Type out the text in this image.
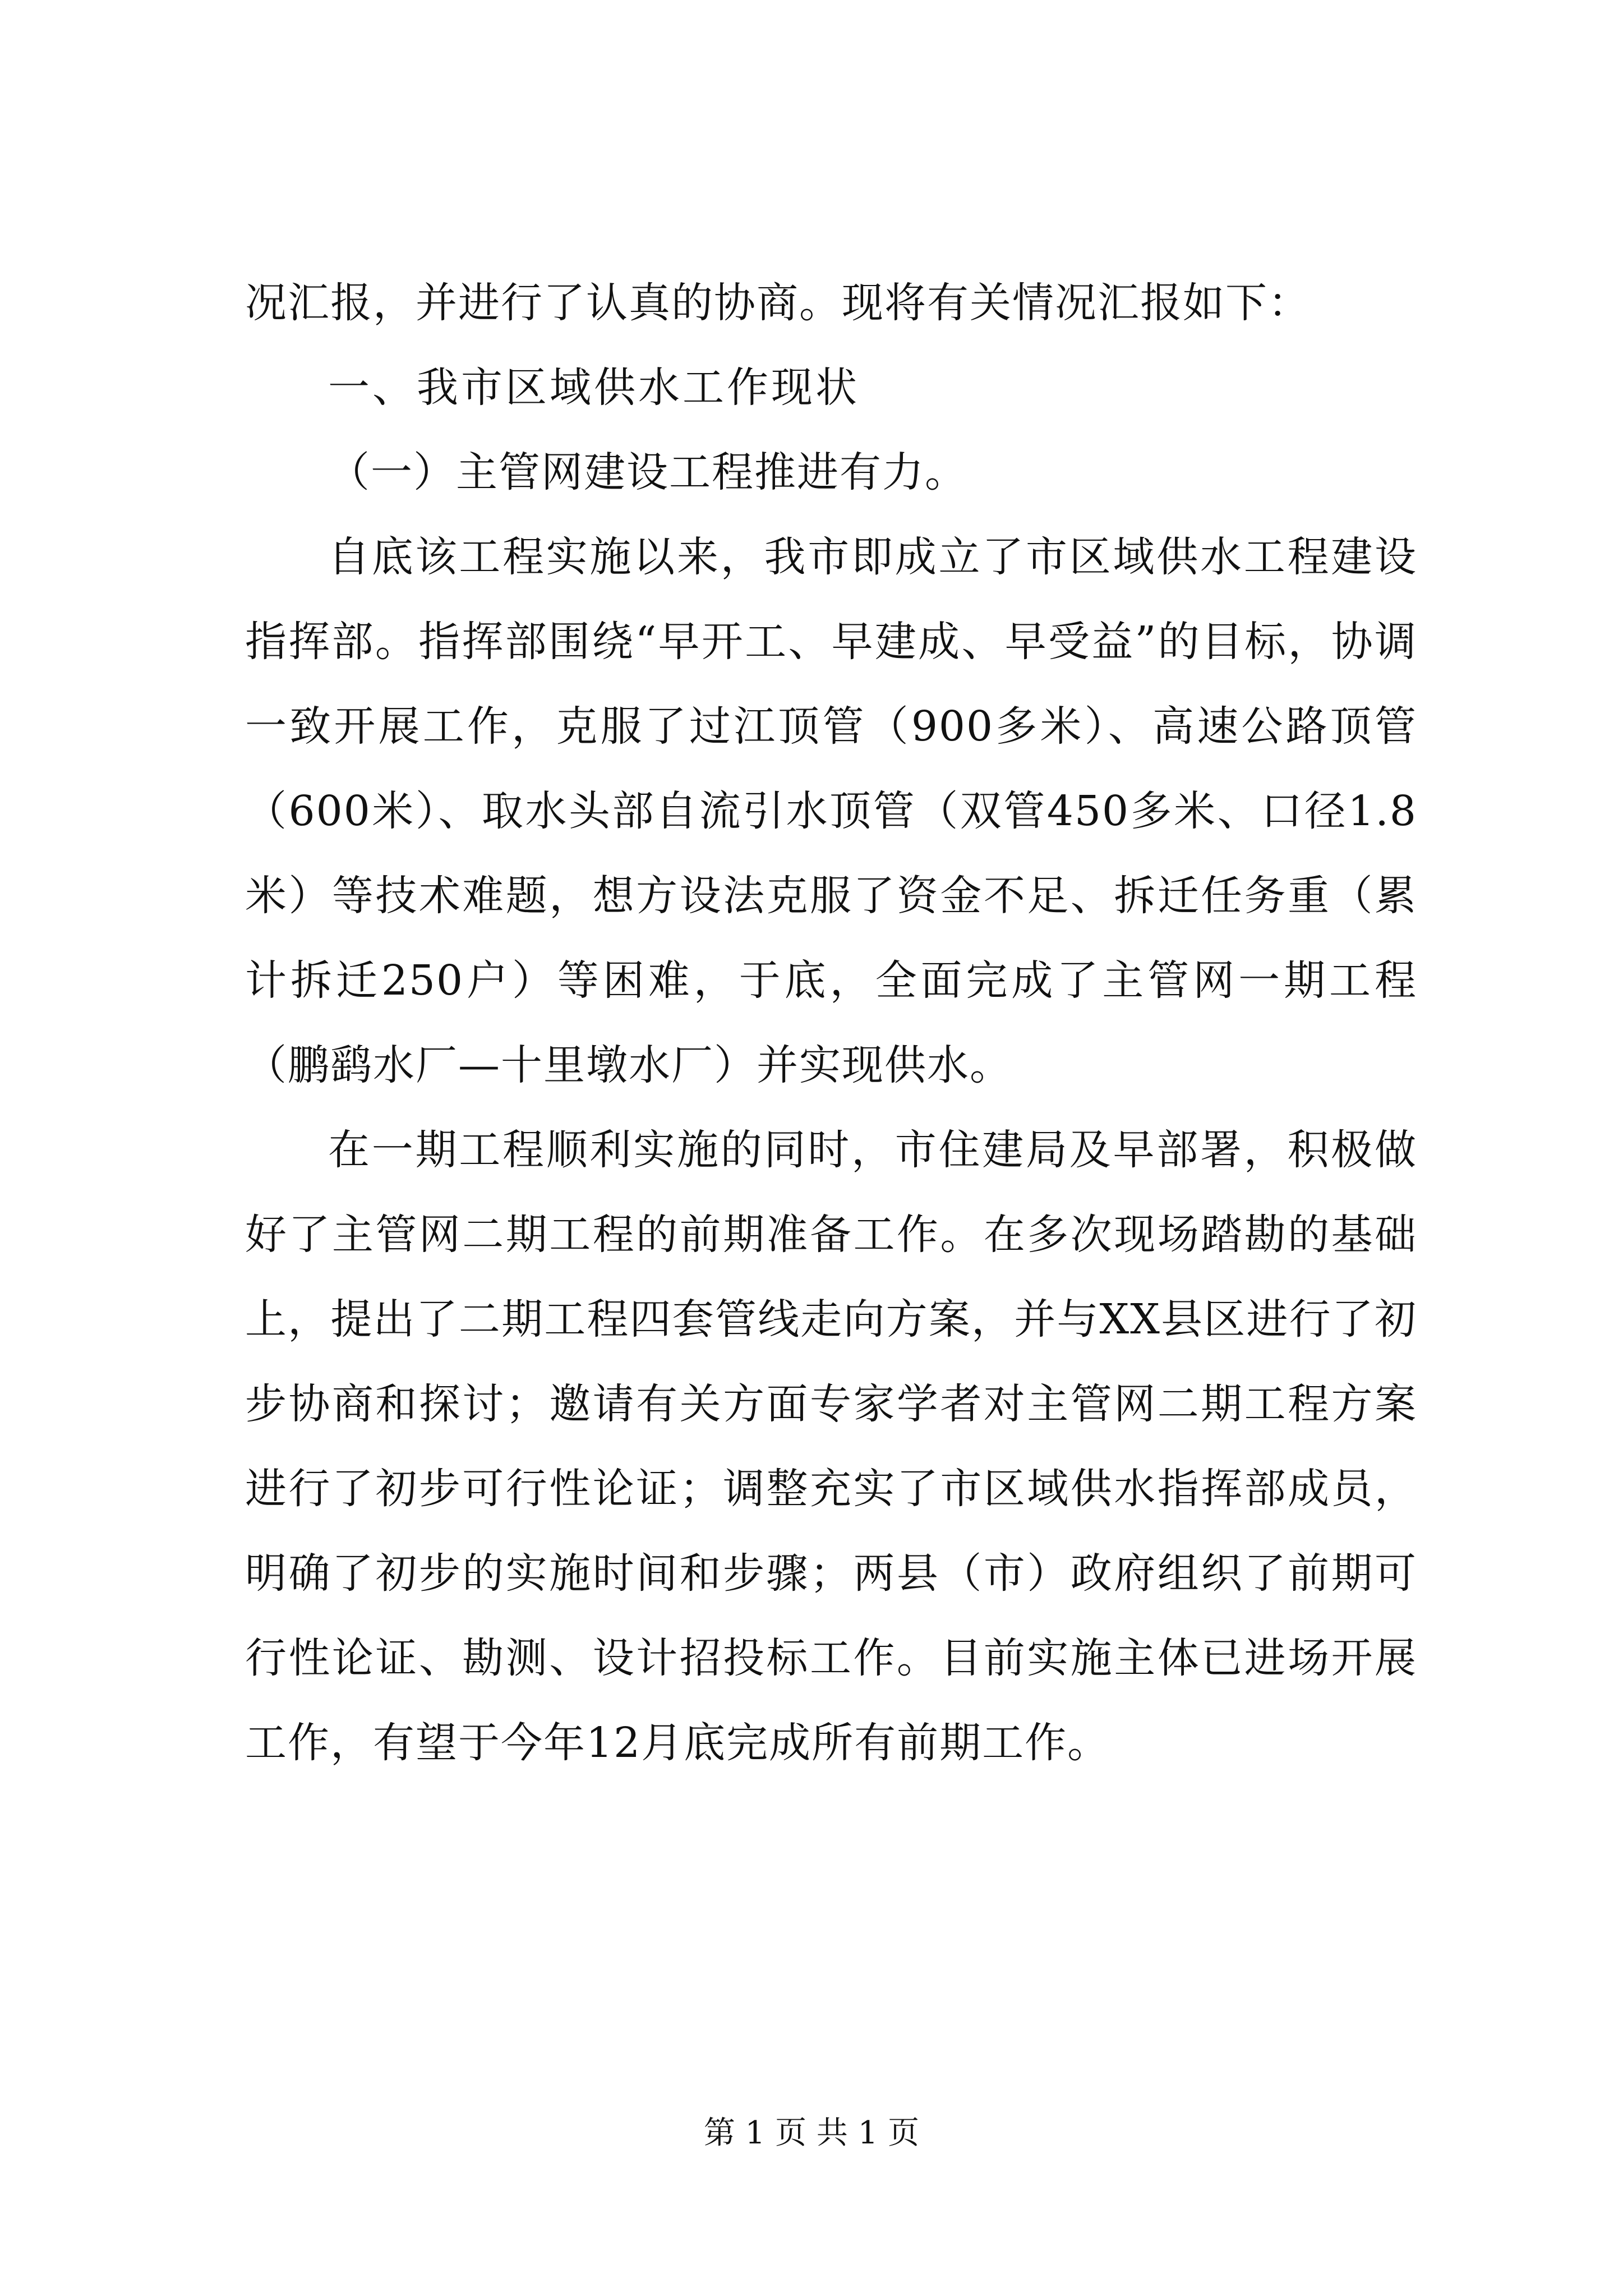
况汇报，并进行了认真的协商。现将有关情况汇报如下：

一、我市区域供水工作现状

（一）主管网建设工程推进有力。

自底该工程实施以来，我市即成立了市区域供水工程建设指挥部。指挥部围绕“早开工、早建成、早受益”的目标，协调一致开展工作，克服了过江顶管（900多米）、高速公路顶管（600米）、取水头部自流引水顶管（双管450多米、口径1.8米）等技术难题，想方设法克服了资金不足、拆迁任务重（累计拆迁250户）等困难，于底，全面完成了主管网一期工程（鹏鹞水厂—十里墩水厂）并实现供水。

在一期工程顺利实施的同时，市住建局及早部署，积极做好了主管网二期工程的前期准备工作。在多次现场踏勘的基础上，提出了二期工程四套管线走向方案，并与XX县区进行了初步协商和探讨；邀请有关方面专家学者对主管网二期工程方案进行了初步可行性论证；调整充实了市区域供水指挥部成员，明确了初步的实施时间和步骤；两县（市）政府组织了前期可行性论证、勘测、设计招投标工作。目前实施主体已进场开展工作，有望于今年12月底完成所有前期工作。

第 1 页 共 1 页
